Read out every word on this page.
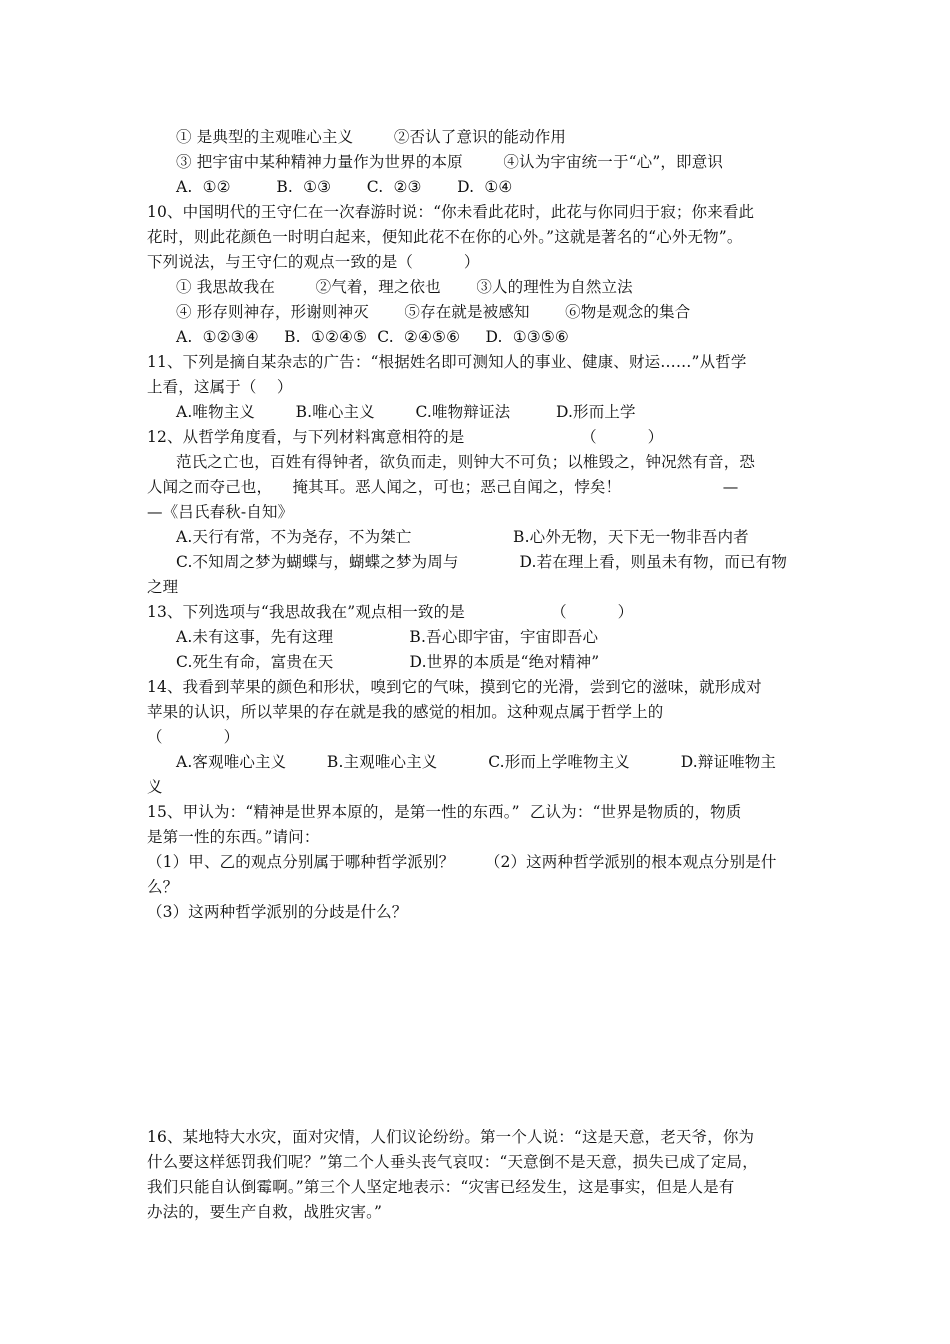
① 是典型的主观唯心主义        ②否认了意识的能动作用
③ 把宇宙中某种精神力量作为世界的本原        ④认为宇宙统一于“心”，即意识
A.  ①②         B.  ①③       C.  ②③       D.  ①④
10、中国明代的王守仁在一次春游时说：“你未看此花时，此花与你同归于寂；你来看此
花时，则此花颜色一时明白起来，便知此花不在你的心外。”这就是著名的“心外无物”。
下列说法，与王守仁的观点一致的是（          ）
① 我思故我在        ②气着，理之依也       ③人的理性为自然立法
④ 形存则神存，形谢则神灭       ⑤存在就是被感知       ⑥物是观念的集合
A.  ①②③④     B.  ①②④⑤  C.  ②④⑤⑥     D.  ①③⑤⑥
11、下列是摘自某杂志的广告：“根据姓名即可测知人的事业、健康、财运……”从哲学
上看，这属于（    ）
A.唯物主义        B.唯心主义        C.唯物辩证法         D.形而上学
12、从哲学角度看，与下列材料寓意相符的是                       （          ）
范氏之亡也，百姓有得钟者，欲负而走，则钟大不可负；以椎毁之，钟况然有音，恐
人闻之而夺己也，    掩其耳。恶人闻之，可也；恶己自闻之，悖矣！                    —
—《吕氏春秋-自知》
A.天行有常，不为尧存，不为桀亡                    B.心外无物，天下无一物非吾内者
C.不知周之梦为蝴蝶与，蝴蝶之梦为周与            D.若在理上看，则虽未有物，而已有物
之理
13、下列选项与“我思故我在”观点相一致的是                 （          ）
A.未有这事，先有这理               B.吾心即宇宙，宇宙即吾心
C.死生有命，富贵在天               D.世界的本质是“绝对精神”
14、我看到苹果的颜色和形状，嗅到它的气味，摸到它的光滑，尝到它的滋味，就形成对
苹果的认识，所以苹果的存在就是我的感觉的相加。这种观点属于哲学上的
（            ）
A.客观唯心主义        B.主观唯心主义          C.形而上学唯物主义          D.辩证唯物主
义
15、甲认为：“精神是世界本原的，是第一性的东西。”  乙认为：“世界是物质的，物质
是第一性的东西。”请问：
（1）甲、乙的观点分别属于哪种哲学派别？      （2）这两种哲学派别的根本观点分别是什
么？
（3）这两种哲学派别的分歧是什么？
16、某地特大水灾，面对灾情，人们议论纷纷。第一个人说：“这是天意，老天爷，你为
什么要这样惩罚我们呢？”第二个人垂头丧气哀叹：“天意倒不是天意，损失已成了定局，
我们只能自认倒霉啊。”第三个人坚定地表示：“灾害已经发生，这是事实，但是人是有
办法的，要生产自救，战胜灾害。”
